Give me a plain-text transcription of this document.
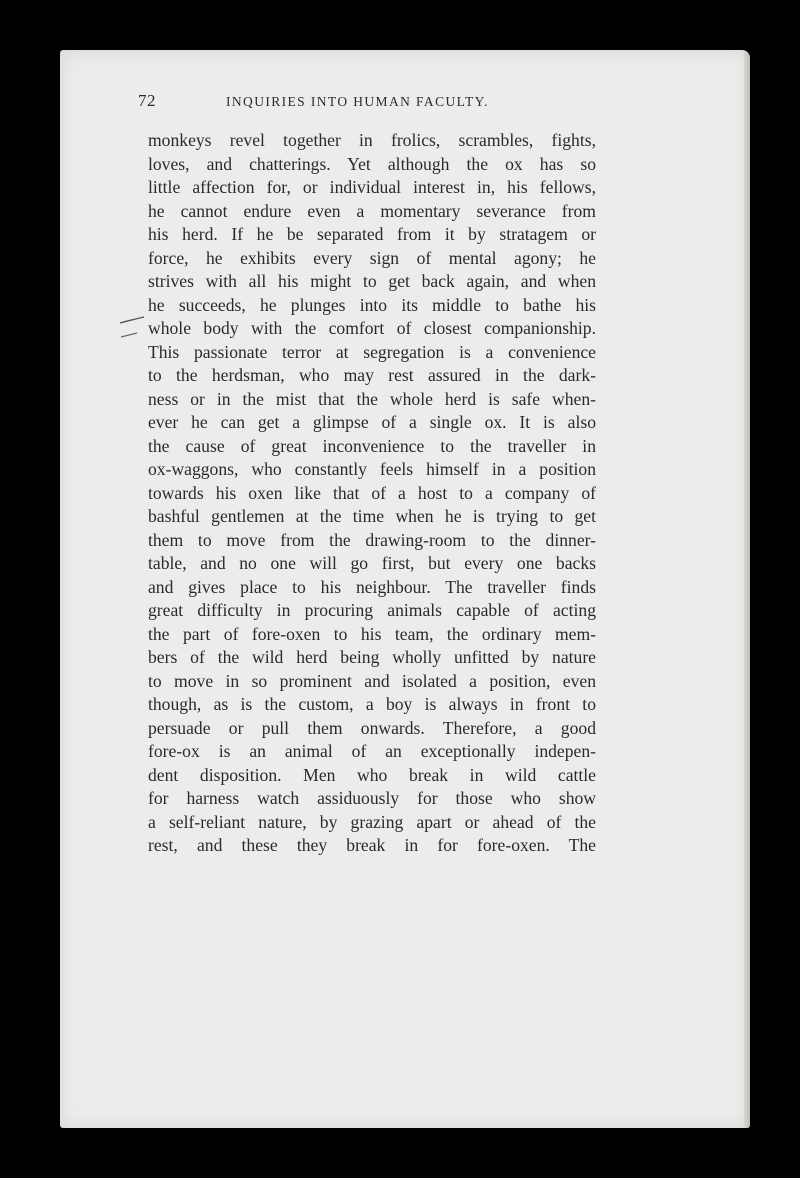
72	INQUIRIES INTO HUMAN FACULTY.
monkeys revel together in frolics, scrambles, fights,
loves, and chatterings. Yet although the ox has so
little affection for, or individual interest in, his fellows,
he cannot endure even a momentary severance from
his herd. If he be separated from it by stratagem or
force, he exhibits every sign of mental agony; he
strives with all his might to get back again, and when
he succeeds, he plunges into its middle to bathe his
whole body with the comfort of closest companionship.
This passionate terror at segregation is a convenience
to the herdsman, who may rest assured in the dark-
ness or in the mist that the whole herd is safe when-
ever he can get a glimpse of a single ox. It is also
the cause of great inconvenience to the traveller in
ox-waggons, who constantly feels himself in a position
towards his oxen like that of a host to a company of
bashful gentlemen at the time when he is trying to get
them to move from the drawing-room to the dinner-
table, and no one will go first, but every one backs
and gives place to his neighbour. The traveller finds
great difficulty in procuring animals capable of acting
the part of fore-oxen to his team, the ordinary mem-
bers of the wild herd being wholly unfitted by nature
to move in so prominent and isolated a position, even
though, as is the custom, a boy is always in front to
persuade or pull them onwards. Therefore, a good
fore-ox is an animal of an exceptionally indepen-
dent disposition. Men who break in wild cattle
for harness watch assiduously for those who show
a self-reliant nature, by grazing apart or ahead of the
rest, and these they break in for fore-oxen. The
